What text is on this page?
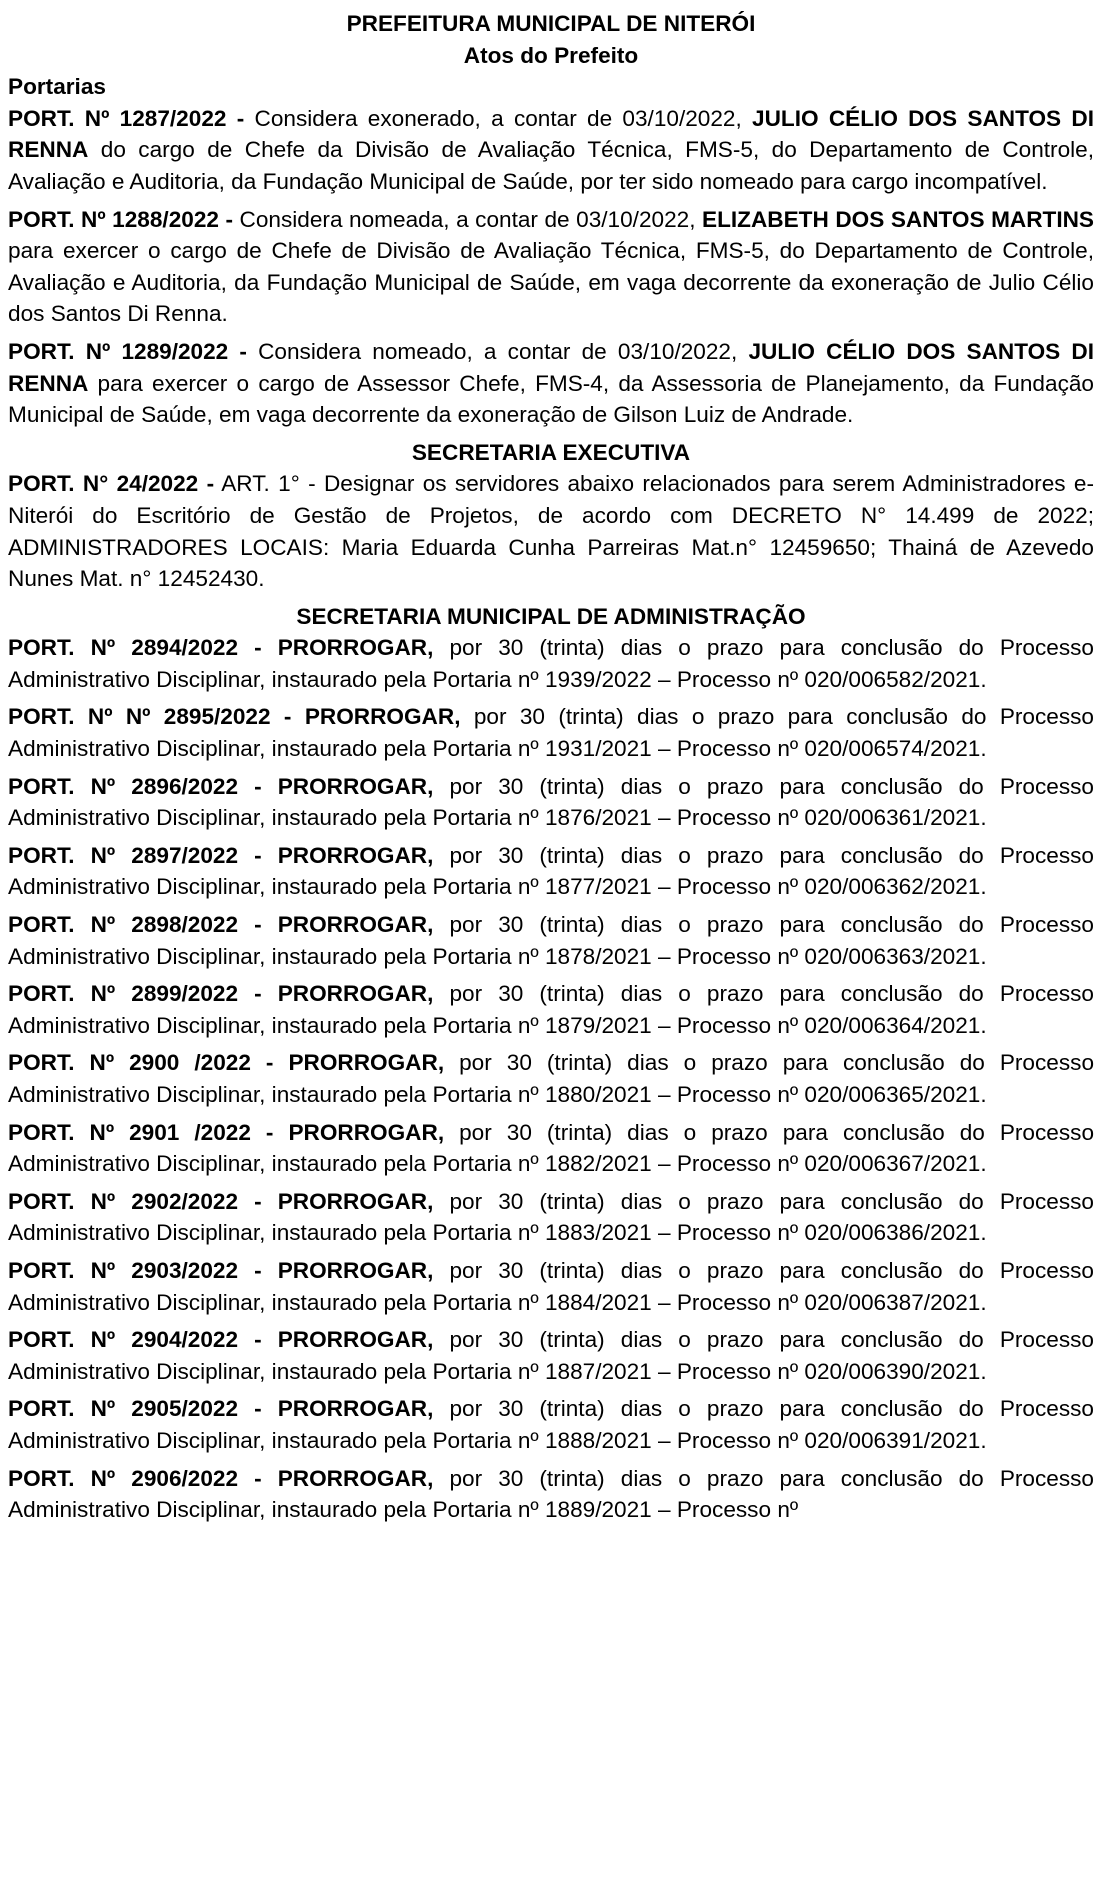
PREFEITURA MUNICIPAL DE NITERÓI

Atos do Prefeito

Portarias

PORT. Nº 1287/2022 - Considera exonerado, a contar de 03/10/2022, JULIO CÉLIO DOS SANTOS DI RENNA do cargo de Chefe da Divisão de Avaliação Técnica, FMS-5, do Departamento de Controle, Avaliação e Auditoria, da Fundação Municipal de Saúde, por ter sido nomeado para cargo incompatível.

PORT. Nº 1288/2022 - Considera nomeada, a contar de 03/10/2022, ELIZABETH DOS SANTOS MARTINS para exercer o cargo de Chefe de Divisão de Avaliação Técnica, FMS-5, do Departamento de Controle, Avaliação e Auditoria, da Fundação Municipal de Saúde, em vaga decorrente da exoneração de Julio Célio dos Santos Di Renna.

PORT. Nº 1289/2022 - Considera nomeado, a contar de 03/10/2022, JULIO CÉLIO DOS SANTOS DI RENNA para exercer o cargo de Assessor Chefe, FMS-4, da Assessoria de Planejamento, da Fundação Municipal de Saúde, em vaga decorrente da exoneração de Gilson Luiz de Andrade.

SECRETARIA EXECUTIVA

PORT. N° 24/2022 - ART. 1° - Designar os servidores abaixo relacionados para serem Administradores e-Niterói do Escritório de Gestão de Projetos, de acordo com DECRETO N° 14.499 de 2022; ADMINISTRADORES LOCAIS: Maria Eduarda Cunha Parreiras Mat.n° 12459650; Thainá de Azevedo Nunes Mat. n° 12452430.

SECRETARIA MUNICIPAL DE ADMINISTRAÇÃO

PORT. Nº 2894/2022 - PRORROGAR, por 30 (trinta) dias o prazo para conclusão do Processo Administrativo Disciplinar, instaurado pela Portaria nº 1939/2022 – Processo nº 020/006582/2021.

PORT. Nº Nº 2895/2022 - PRORROGAR, por 30 (trinta) dias o prazo para conclusão do Processo Administrativo Disciplinar, instaurado pela Portaria nº 1931/2021 – Processo nº 020/006574/2021.

PORT. Nº 2896/2022 - PRORROGAR, por 30 (trinta) dias o prazo para conclusão do Processo Administrativo Disciplinar, instaurado pela Portaria nº 1876/2021 – Processo nº 020/006361/2021.

PORT. Nº 2897/2022 - PRORROGAR, por 30 (trinta) dias o prazo para conclusão do Processo Administrativo Disciplinar, instaurado pela Portaria nº 1877/2021 – Processo nº 020/006362/2021.

PORT. Nº 2898/2022 - PRORROGAR, por 30 (trinta) dias o prazo para conclusão do Processo Administrativo Disciplinar, instaurado pela Portaria nº 1878/2021 – Processo nº 020/006363/2021.

PORT. Nº 2899/2022 - PRORROGAR, por 30 (trinta) dias o prazo para conclusão do Processo Administrativo Disciplinar, instaurado pela Portaria nº 1879/2021 – Processo nº 020/006364/2021.

PORT. Nº 2900 /2022 - PRORROGAR, por 30 (trinta) dias o prazo para conclusão do Processo Administrativo Disciplinar, instaurado pela Portaria nº 1880/2021 – Processo nº 020/006365/2021.

PORT. Nº 2901 /2022 - PRORROGAR, por 30 (trinta) dias o prazo para conclusão do Processo Administrativo Disciplinar, instaurado pela Portaria nº 1882/2021 – Processo nº 020/006367/2021.

PORT. Nº 2902/2022 - PRORROGAR, por 30 (trinta) dias o prazo para conclusão do Processo Administrativo Disciplinar, instaurado pela Portaria nº 1883/2021 – Processo nº 020/006386/2021.

PORT. Nº 2903/2022 - PRORROGAR, por 30 (trinta) dias o prazo para conclusão do Processo Administrativo Disciplinar, instaurado pela Portaria nº 1884/2021 – Processo nº 020/006387/2021.

PORT. Nº 2904/2022 - PRORROGAR, por 30 (trinta) dias o prazo para conclusão do Processo Administrativo Disciplinar, instaurado pela Portaria nº 1887/2021 – Processo nº 020/006390/2021.

PORT. Nº 2905/2022 - PRORROGAR, por 30 (trinta) dias o prazo para conclusão do Processo Administrativo Disciplinar, instaurado pela Portaria nº 1888/2021 – Processo nº 020/006391/2021.

PORT. Nº 2906/2022 - PRORROGAR, por 30 (trinta) dias o prazo para conclusão do Processo Administrativo Disciplinar, instaurado pela Portaria nº 1889/2021 – Processo nº
